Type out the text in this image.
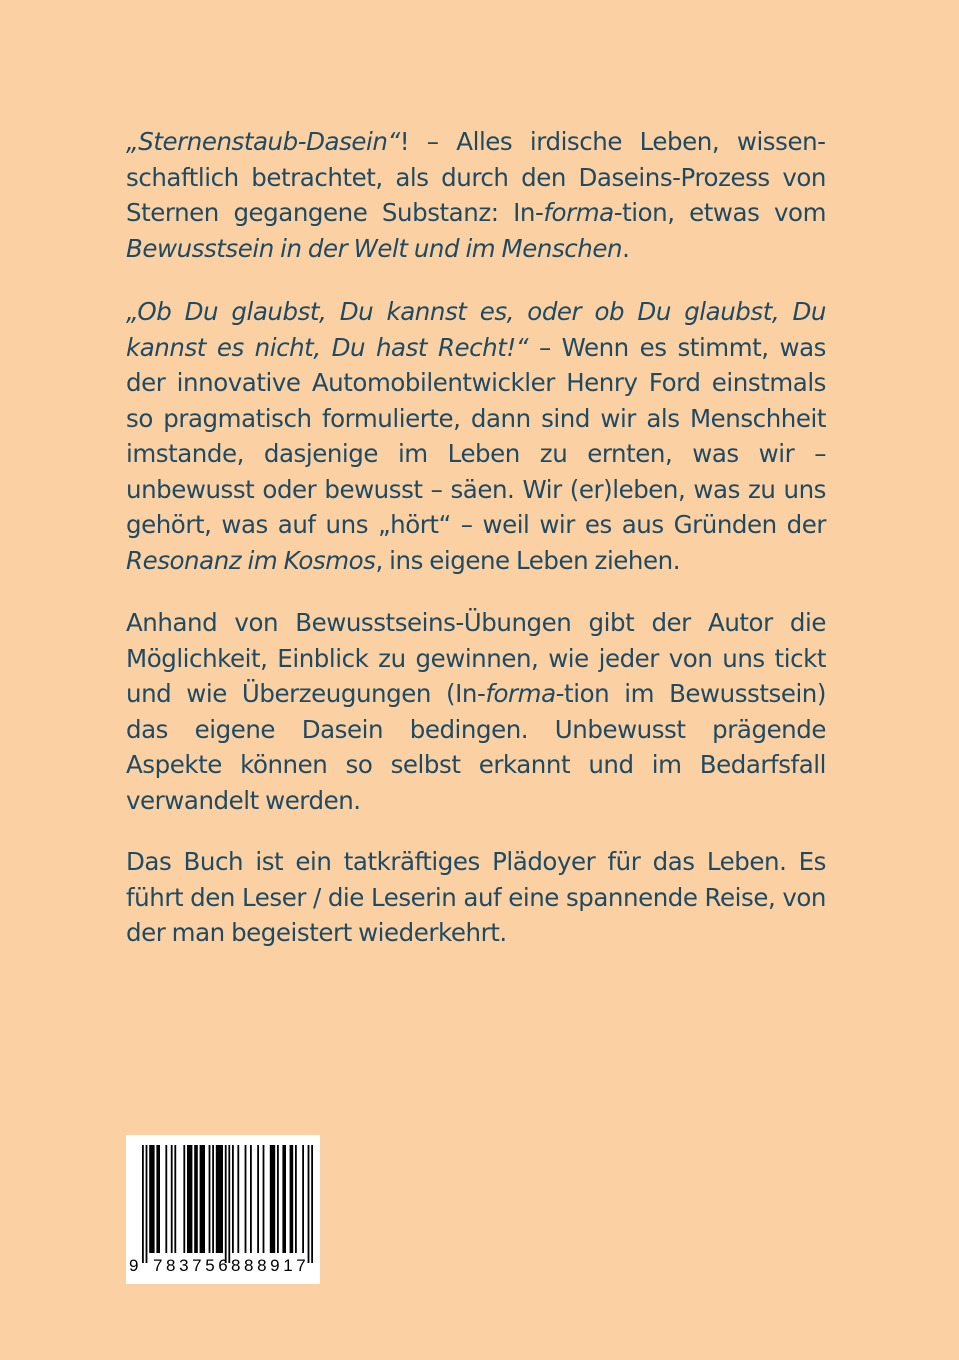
„Sternenstaub-Dasein“! – Alles irdische Leben, wissenschaftlich betrachtet, als durch den Daseins-Prozess von Sternen gegangene Substanz: In-forma-tion, etwas vom Bewusstsein in der Welt und im Menschen.
„Ob Du glaubst, Du kannst es, oder ob Du glaubst, Du kannst es nicht, Du hast Recht!“ – Wenn es stimmt, was der innovative Automobilentwickler Henry Ford einstmals so pragmatisch formulierte, dann sind wir als Menschheit imstande, dasjenige im Leben zu ernten, was wir – unbewusst oder bewusst – säen. Wir (er)leben, was zu uns gehört, was auf uns „hört“ – weil wir es aus Gründen der Resonanz im Kosmos, ins eigene Leben ziehen.
Anhand von Bewusstseins-Übungen gibt der Autor die Möglichkeit, Einblick zu gewinnen, wie jeder von uns tickt und wie Überzeugungen (In-forma-tion im Bewusstsein) das eigene Dasein bedingen. Unbewusst prägende Aspekte können so selbst erkannt und im Bedarfsfall verwandelt werden.
Das Buch ist ein tatkräftiges Plädoyer für das Leben. Es führt den Leser / die Leserin auf eine spannende Reise, von der man begeistert wiederkehrt.
9 783756 888917
